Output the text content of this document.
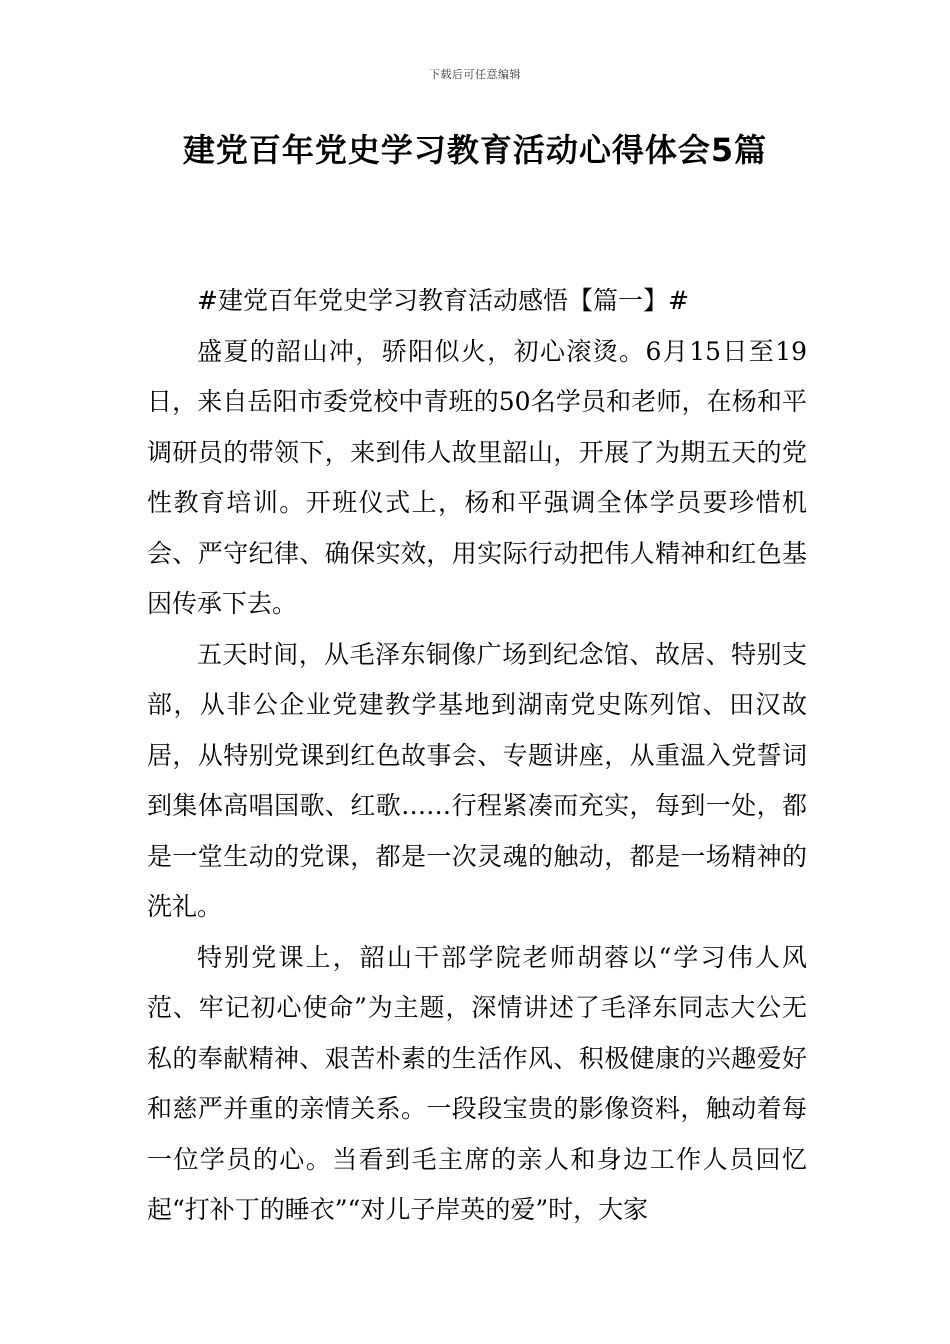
下载后可任意编辑
建党百年党史学习教育活动心得体会5篇

#建党百年党史学习教育活动感悟【篇一】#

盛夏的韶山冲，骄阳似火，初心滚烫。6月15日至19日，来自岳阳市委党校中青班的50名学员和老师，在杨和平调研员的带领下，来到伟人故里韶山，开展了为期五天的党性教育培训。开班仪式上，杨和平强调全体学员要珍惜机会、严守纪律、确保实效，用实际行动把伟人精神和红色基因传承下去。

五天时间，从毛泽东铜像广场到纪念馆、故居、特别支部，从非公企业党建教学基地到湖南党史陈列馆、田汉故居，从特别党课到红色故事会、专题讲座，从重温入党誓词到集体高唱国歌、红歌……行程紧凑而充实，每到一处，都是一堂生动的党课，都是一次灵魂的触动，都是一场精神的洗礼。

特别党课上，韶山干部学院老师胡蓉以“学习伟人风范、牢记初心使命”为主题，深情讲述了毛泽东同志大公无私的奉献精神、艰苦朴素的生活作风、积极健康的兴趣爱好和慈严并重的亲情关系。一段段宝贵的影像资料，触动着每一位学员的心。当看到毛主席的亲人和身边工作人员回忆起“打补丁的睡衣”“对儿子岸英的爱”时，大家
